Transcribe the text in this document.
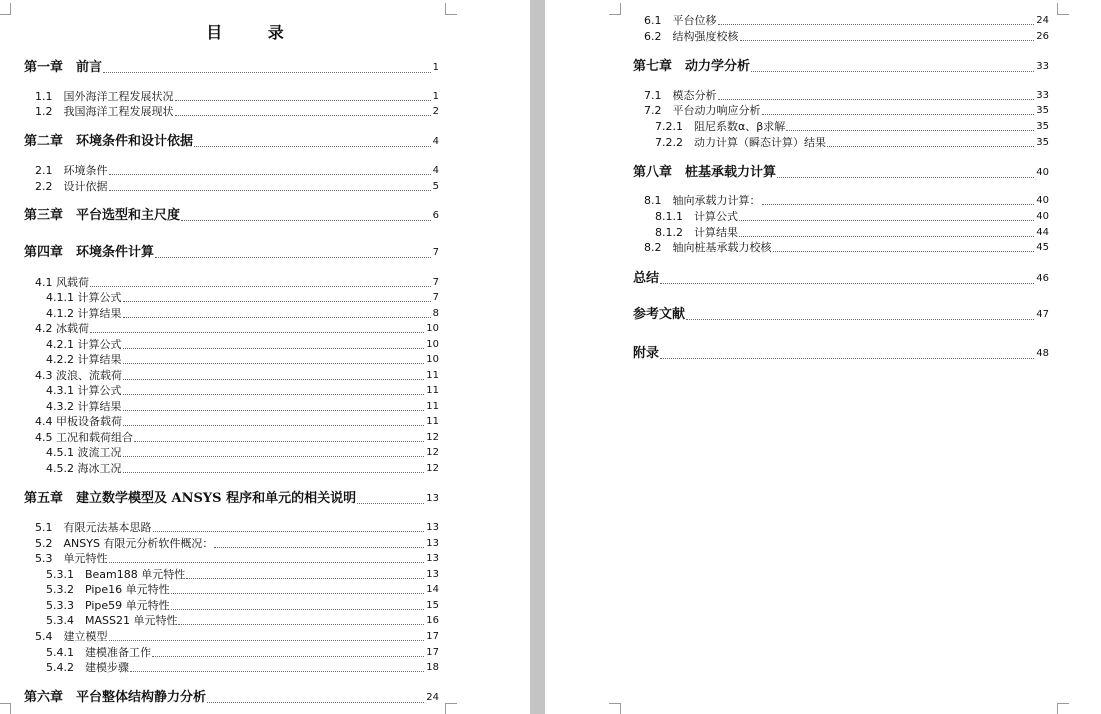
目 录
第一章　前言	1
1.1　国外海洋工程发展状况	1
1.2　我国海洋工程发展现状	2
第二章　环境条件和设计依据	4
2.1　环境条件	4
2.2　设计依据	5
第三章　平台选型和主尺度	6
第四章　环境条件计算	7
4.1 风载荷	7
4.1.1 计算公式	7
4.1.2 计算结果	8
4.2 冰载荷	10
4.2.1 计算公式	10
4.2.2 计算结果	10
4.3 波浪、流载荷	11
4.3.1 计算公式	11
4.3.2 计算结果	11
4.4 甲板设备载荷	11
4.5 工况和载荷组合	12
4.5.1 波流工况	12
4.5.2 海冰工况	12
第五章　建立数学模型及 ANSYS 程序和单元的相关说明	13
5.1　有限元法基本思路	13
5.2　ANSYS 有限元分析软件概况：	13
5.3　单元特性	13
5.3.1　Beam188 单元特性	13
5.3.2　Pipe16 单元特性	14
5.3.3　Pipe59 单元特性	15
5.3.4　MASS21 单元特性	16
5.4　建立模型	17
5.4.1　建模准备工作	17
5.4.2　建模步骤	18
第六章　平台整体结构静力分析	24
6.1　平台位移	24
6.2　结构强度校核	26
第七章　动力学分析	33
7.1　模态分析	33
7.2　平台动力响应分析	35
7.2.1　阻尼系数α、β求解	35
7.2.2　动力计算（瞬态计算）结果	35
第八章　桩基承载力计算	40
8.1　轴向承载力计算：	40
8.1.1　计算公式	40
8.1.2　计算结果	44
8.2　轴向桩基承载力校核	45
总结	46
参考文献	47
附录	48
